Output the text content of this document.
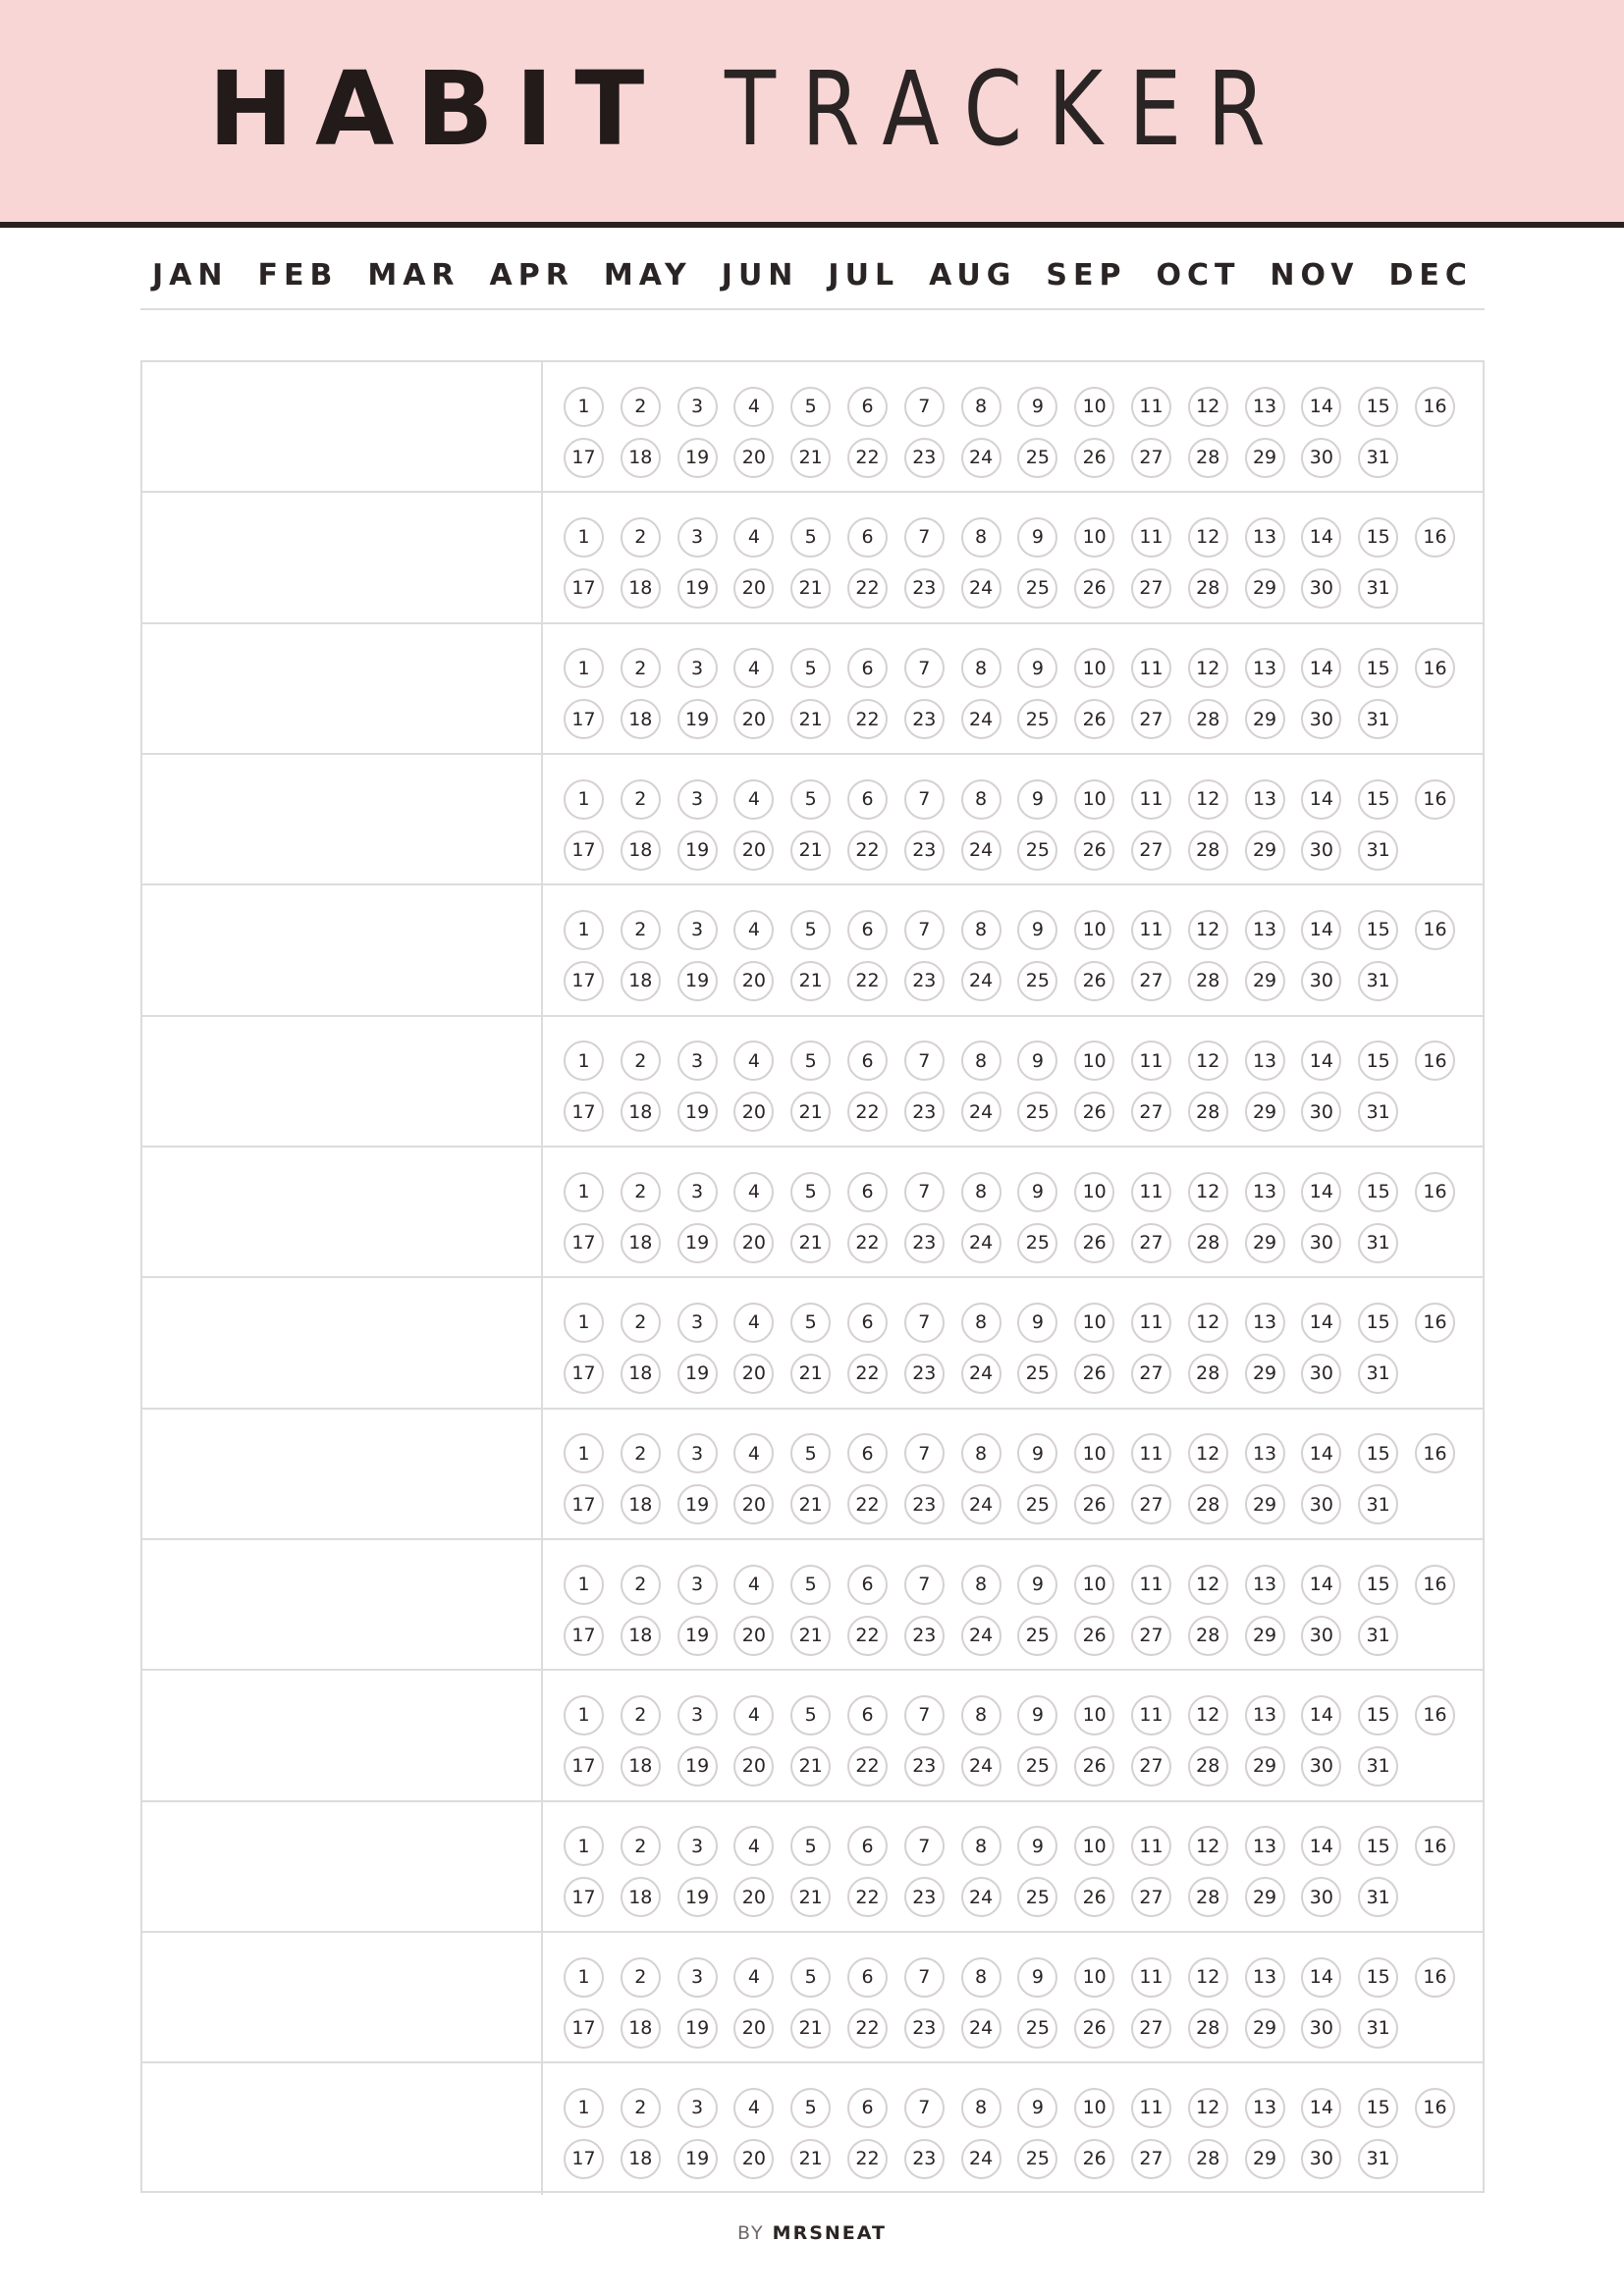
HABIT TRACKER
JAN FEB MAR APR MAY JUN JUL AUG SEP OCT NOV DEC
1	2	3	4	5	6	7	8	9	10	11	12	13	14	15	16
17	18	19	20	21	22	23	24	25	26	27	28	29	30	31
1	2	3	4	5	6	7	8	9	10	11	12	13	14	15	16
17	18	19	20	21	22	23	24	25	26	27	28	29	30	31
1	2	3	4	5	6	7	8	9	10	11	12	13	14	15	16
17	18	19	20	21	22	23	24	25	26	27	28	29	30	31
1	2	3	4	5	6	7	8	9	10	11	12	13	14	15	16
17	18	19	20	21	22	23	24	25	26	27	28	29	30	31
1	2	3	4	5	6	7	8	9	10	11	12	13	14	15	16
17	18	19	20	21	22	23	24	25	26	27	28	29	30	31
1	2	3	4	5	6	7	8	9	10	11	12	13	14	15	16
17	18	19	20	21	22	23	24	25	26	27	28	29	30	31
1	2	3	4	5	6	7	8	9	10	11	12	13	14	15	16
17	18	19	20	21	22	23	24	25	26	27	28	29	30	31
1	2	3	4	5	6	7	8	9	10	11	12	13	14	15	16
17	18	19	20	21	22	23	24	25	26	27	28	29	30	31
1	2	3	4	5	6	7	8	9	10	11	12	13	14	15	16
17	18	19	20	21	22	23	24	25	26	27	28	29	30	31
1	2	3	4	5	6	7	8	9	10	11	12	13	14	15	16
17	18	19	20	21	22	23	24	25	26	27	28	29	30	31
1	2	3	4	5	6	7	8	9	10	11	12	13	14	15	16
17	18	19	20	21	22	23	24	25	26	27	28	29	30	31
1	2	3	4	5	6	7	8	9	10	11	12	13	14	15	16
17	18	19	20	21	22	23	24	25	26	27	28	29	30	31
1	2	3	4	5	6	7	8	9	10	11	12	13	14	15	16
17	18	19	20	21	22	23	24	25	26	27	28	29	30	31
1	2	3	4	5	6	7	8	9	10	11	12	13	14	15	16
17	18	19	20	21	22	23	24	25	26	27	28	29	30	31
BY MRSNEAT
